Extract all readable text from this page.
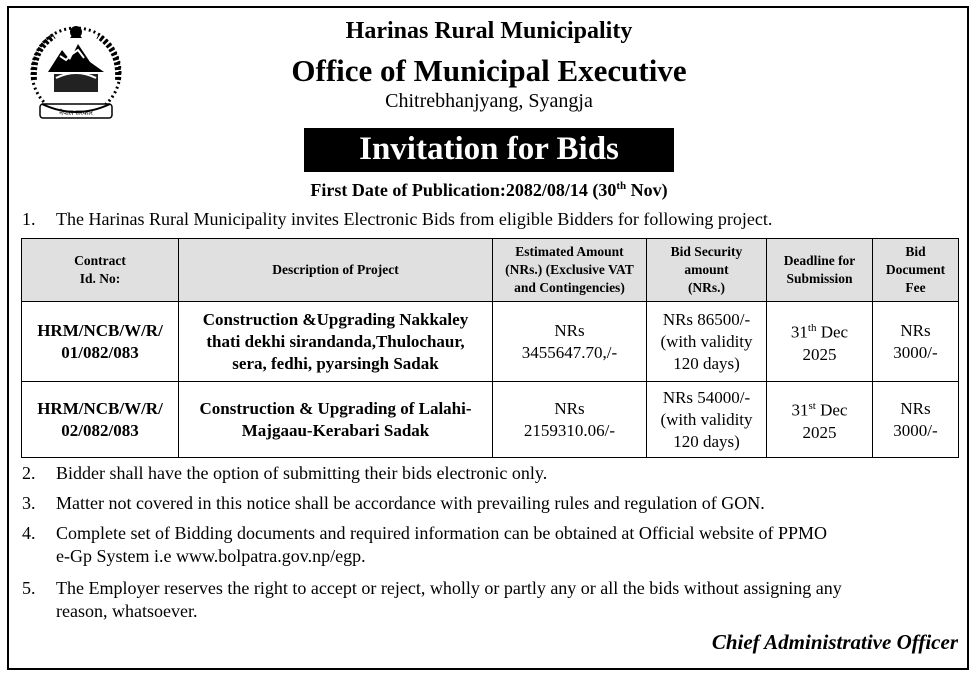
नेपाल सरकार
Harinas Rural Municipality
Office of Municipal Executive
Chitrebhanjyang, Syangja
Invitation for Bids
First Date of Publication:2082/08/14 (30th Nov)
1. The Harinas Rural Municipality invites Electronic Bids from eligible Bidders for following project.
Contract
Id. No:	Description of Project	Estimated Amount
(NRs.) (Exclusive VAT
and Contingencies)	Bid Security
amount
(NRs.)	Deadline for
Submission	Bid
Document
Fee
HRM/NCB/W/R/
01/082/083	Construction &Upgrading Nakkaley
thati dekhi sirandanda,Thulochaur,
sera, fedhi, pyarsingh Sadak	NRs
3455647.70,/-	NRs 86500/-
(with validity
120 days)	31th Dec
2025	NRs
3000/-
HRM/NCB/W/R/
02/082/083	Construction & Upgrading of Lalahi-
Majgaau-Kerabari Sadak	NRs
2159310.06/-	NRs 54000/-
(with validity
120 days)	31st Dec
2025	NRs
3000/-
2. Bidder shall have the option of submitting their bids electronic only.
3. Matter not covered in this notice shall be accordance with prevailing rules and regulation of GON.
4. Complete set of Bidding documents and required information can be obtained at Official website of PPMO
e-Gp System i.e www.bolpatra.gov.np/egp.
5. The Employer reserves the right to accept or reject, wholly or partly any or all the bids without assigning any
reason, whatsoever.
Chief Administrative Officer
